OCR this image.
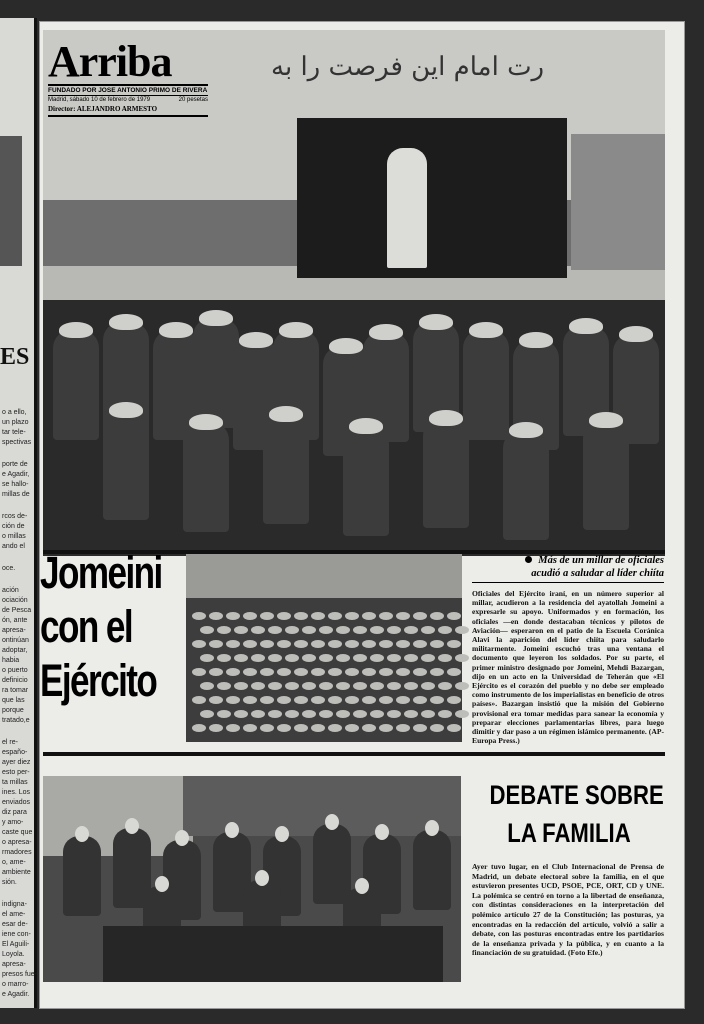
ES
o a ello,
un plazo
tar tele-
spectivas
porte de
e Agadir,
se hallo-
millas de
rcos de-
ción de
o millas
ando el
oce.
ación
ociación
de Pesca
ón, ante
apresa-
ontinúan
adoptar,
habia
o puerto
definicio
ra tomar
que las
porque
tratado,e
el re-
españo-
ayer diez
esto per-
ta millas
ines. Los
enviados
diz para
y amo-
caste que
o apresa-
rmadores
o, ame-
ambiente
sión.
indigna-
el ame-
esar de-
iene con-
El Aguili-
Loyola.
apresa-
presos fue-
o marro-
e Agadir.
رت امام این فرصت را به
Arriba
FUNDADO POR JOSE ANTONIO PRIMO DE RIVERA
Madrid, sábado 10 de febrero de 1979	20 pesetas
Director: ALEJANDRO ARMESTO
Jomeini
con el
Ejército
Más de un millar de oficiales
acudió a saludar al líder chiíta
Oficiales del Ejército iraní, en un número superior al millar, acudieron a la residencia del ayatollah Jomeini a expresarle su apoyo. Uniformados y en formación, los oficiales —en donde destacaban técnicos y pilotos de Aviación— esperaron en el patio de la Escuela Coránica Alavi la aparición del líder chiíta para saludarlo militarmente. Jomeini escuchó tras una ventana el documento que leyeron los soldados. Por su parte, el primer ministro designado por Jomeini, Mehdi Bazargan, dijo en un acto en la Universidad de Teherán que «El Ejército es el corazón del pueblo y no debe ser empleado como instrumento de los imperialistas en beneficio de otros países». Bazargan insistió que la misión del Gobierno provisional era tomar medidas para sanear la economía y preparar elecciones parlamentarias libres, para luego dimitir y dar paso a un régimen islámico permanente. (AP-Europa Press.)
DEBATE SOBRE
LA FAMILIA
Ayer tuvo lugar, en el Club Internacional de Prensa de Madrid, un debate electoral sobre la familia, en el que estuvieron presentes UCD, PSOE, PCE, ORT, CD y UNE. La polémica se centró en torno a la libertad de enseñanza, con distintas consideraciones en la interpretación del polémico artículo 27 de la Constitución; las posturas, ya encontradas en la redacción del artículo, volvió a salir a debate, con las posturas encontradas entre los partidarios de la enseñanza privada y la pública, y en cuanto a la financiación de su gratuidad. (Foto Efe.)
